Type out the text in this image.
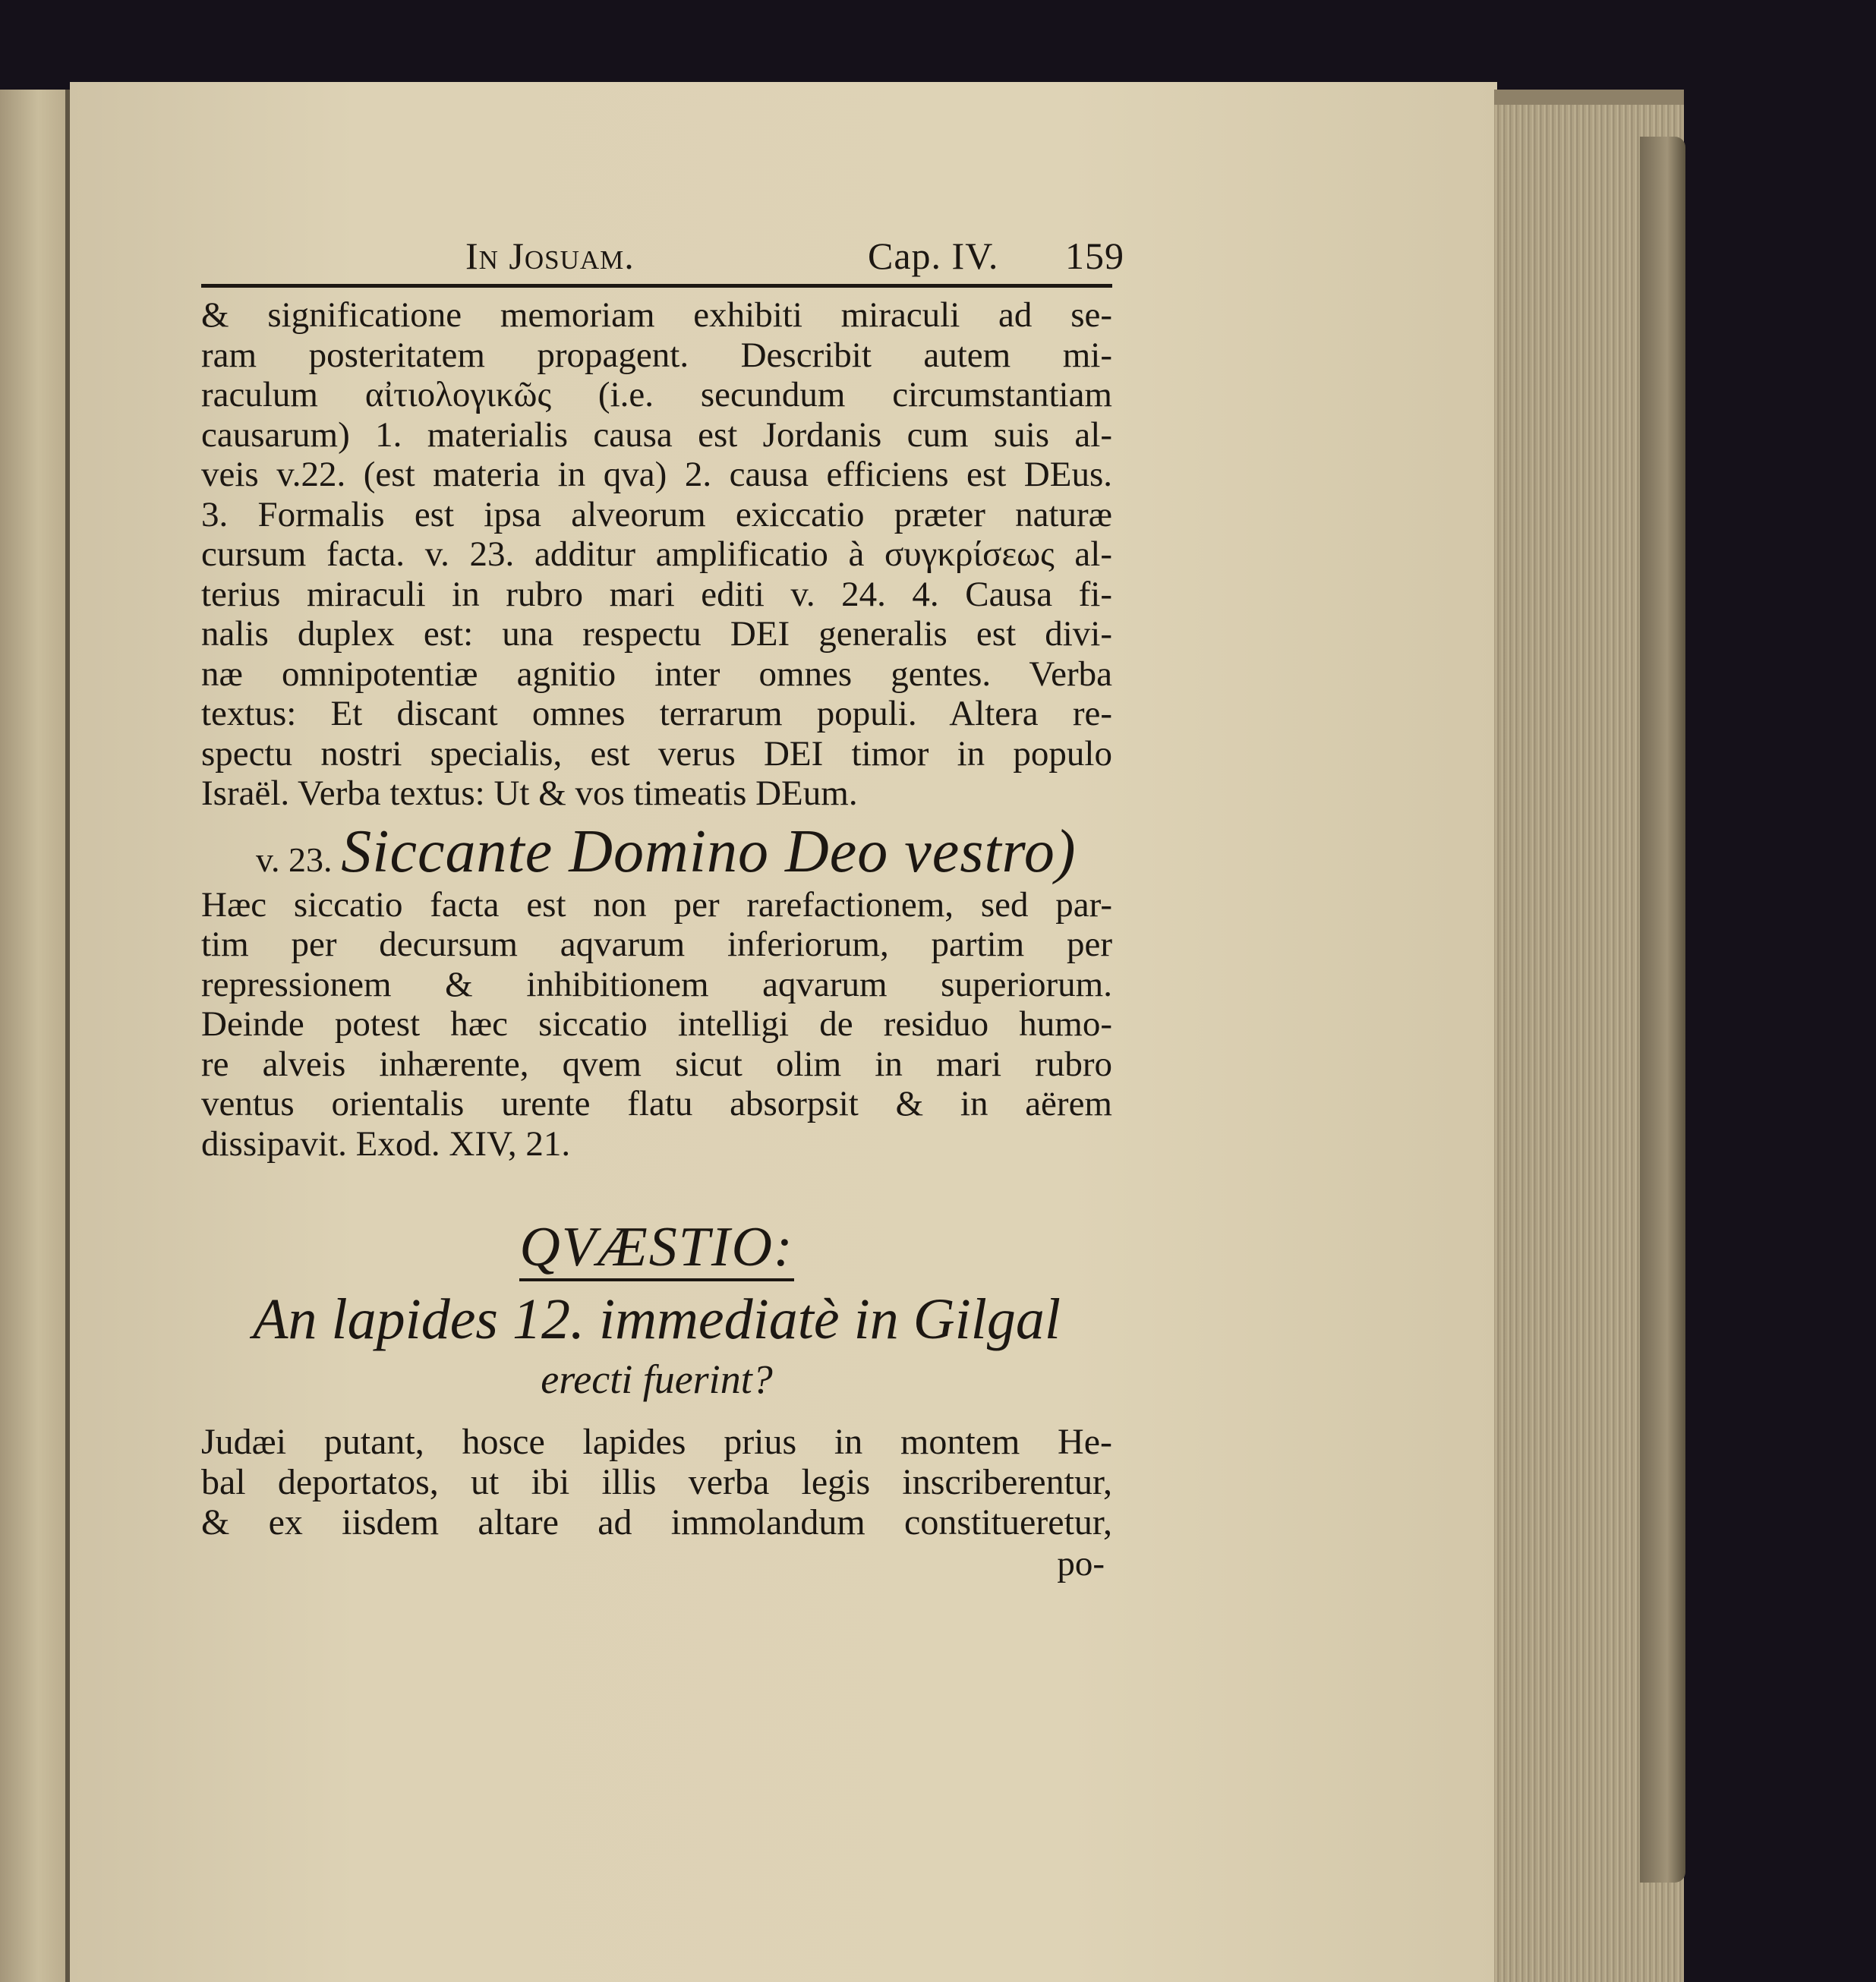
In Josuam.	Cap. IV. 159
& significatione memoriam exhibiti miraculi ad se-
ram posteritatem propagent. Describit autem mi-
raculum αἰτιολογικῶς (i.e. secundum circumstantiam
causarum) 1. materialis causa est Jordanis cum suis al-
veis v.22. (est materia in qva) 2. causa efficiens est DEus.
3. Formalis est ipsa alveorum exiccatio præter naturæ
cursum facta. v. 23. additur amplificatio à συγκρίσεως al-
terius miraculi in rubro mari editi v. 24. 4. Causa fi-
nalis duplex est: una respectu DEI generalis est divi-
næ omnipotentiæ agnitio inter omnes gentes. Verba
textus: Et discant omnes terrarum populi. Altera re-
spectu nostri specialis, est verus DEI timor in populo
Israël. Verba textus: Ut & vos timeatis DEum.
v. 23. Siccante Domino Deo vestro)
Hæc siccatio facta est non per rarefactionem, sed par-
tim per decursum aqvarum inferiorum, partim per
repressionem & inhibitionem aqvarum superiorum.
Deinde potest hæc siccatio intelligi de residuo humo-
re alveis inhærente, qvem sicut olim in mari rubro
ventus orientalis urente flatu absorpsit & in aërem
dissipavit. Exod. XIV, 21.
QVÆSTIO:
An lapides 12. immediatè in Gilgal
erecti fuerint?
Judæi putant, hosce lapides prius in montem He-
bal deportatos, ut ibi illis verba legis inscriberentur,
& ex iisdem altare ad immolandum constitueretur,
po-
